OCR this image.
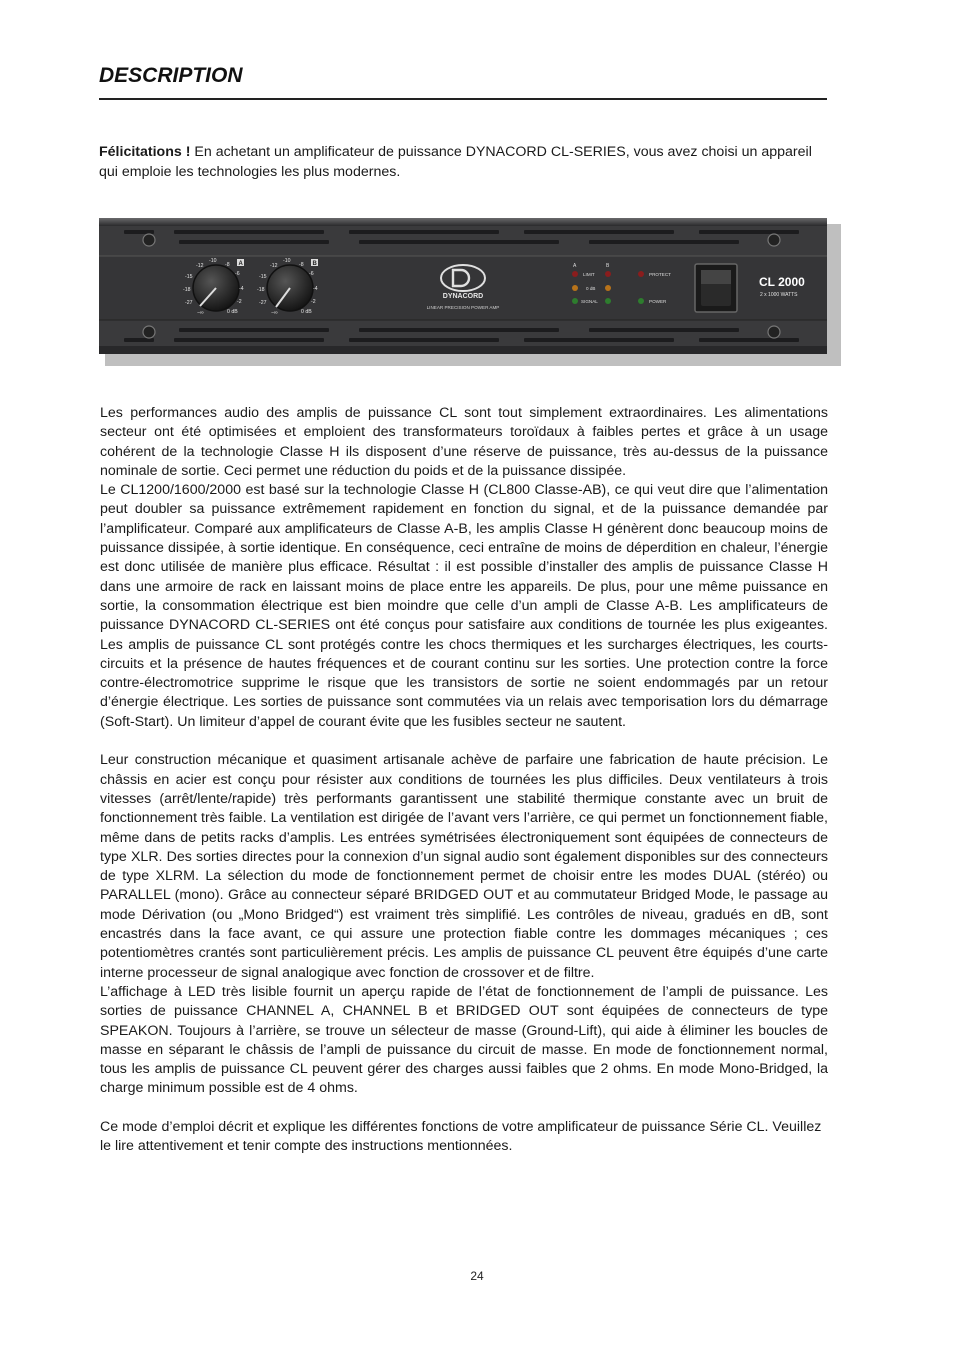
DESCRIPTION

Félicitations ! En achetant un amplificateur de puissance DYNACORD CL-SERIES, vous avez choisi un appareil qui emploie les technologies les plus modernes.

-12
-10
-8
-6
-4
-2
-15
-18
-27
0 dB
−∞
A	-12
-10
-8
-6
-4
-2
-15
-18
-27
0 dB
−∞
B
DYNACORD
LINEAR PRECISION POWER AMP
A	B
LIMIT
0 dB
SIGNAL
PROTECT
POWER
CL 2000
2 x 1000 WATTS

Les performances audio des amplis de puissance CL sont tout simplement extraordinaires. Les alimentations secteur ont été optimisées et emploient des transformateurs toroïdaux à faibles pertes et grâce à un usage cohérent de la technologie Classe H ils disposent d’une réserve de puissance, très au-dessus de la puissance nominale de sortie. Ceci permet une réduction du poids et de la puissance dissipée.

Le CL1200/1600/2000 est basé sur la technologie Classe H (CL800 Classe-AB), ce qui veut dire que l’alimentation peut doubler sa puissance extrêmement rapidement en fonction du signal, et de la puissance demandée par l’amplificateur. Comparé aux amplificateurs de Classe A-B, les amplis Classe H génèrent donc beaucoup moins de puissance dissipée, à sortie identique. En conséquence, ceci entraîne de moins de déperdition en chaleur, l’énergie est donc utilisée de manière plus efficace. Résultat : il est possible d’installer des amplis de puissance Classe H dans une armoire de rack en laissant moins de place entre les appareils. De plus, pour une même puissance en sortie, la consommation électrique est bien moindre que celle d’un ampli de Classe A-B. Les amplificateurs de puissance DYNACORD CL-SERIES ont été conçus pour satisfaire aux conditions de tournée les plus exigeantes. Les amplis de puissance CL sont protégés contre les chocs thermiques et les surcharges électriques, les courts-circuits et la présence de hautes fréquences et de courant continu sur les sorties. Une protection contre la force contre-électromotrice supprime le risque que les transistors de sortie ne soient endommagés par un retour d’énergie électrique. Les sorties de puissance sont commutées via un relais avec temporisation lors du démarrage (Soft-Start). Un limiteur d’appel de courant évite que les fusibles secteur ne sautent.

Leur construction mécanique et quasiment artisanale achève de parfaire une fabrication de haute précision. Le châssis en acier est conçu pour résister aux conditions de tournées les plus difficiles. Deux ventilateurs à trois vitesses (arrêt/lente/rapide) très performants garantissent une stabilité thermique constante avec un bruit de fonctionnement très faible. La ventilation est dirigée de l’avant vers l’arrière, ce qui permet un fonctionnement fiable, même dans de petits racks d’amplis. Les entrées symétrisées électroniquement sont équipées de connecteurs de type XLR. Des sorties directes pour la connexion d’un signal audio sont également disponibles sur des connecteurs de type XLRM. La sélection du mode de fonctionnement permet de choisir entre les modes DUAL (stéréo) ou PARALLEL (mono). Grâce au connecteur séparé BRIDGED OUT et au commutateur Bridged Mode, le passage au mode Dérivation (ou „Mono Bridged“) est vraiment très simplifié. Les contrôles de niveau, gradués en dB, sont encastrés dans la face avant, ce qui assure une protection fiable contre les dommages mécaniques ; ces potentiomètres crantés sont particulièrement précis. Les amplis de puissance CL peuvent être équipés d’une carte interne processeur de signal analogique avec fonction de crossover et de filtre.

L’affichage à LED très lisible fournit un aperçu rapide de l’état de fonctionnement de l’ampli de puissance. Les sorties de puissance CHANNEL A, CHANNEL B et BRIDGED OUT sont équipées de connecteurs de type SPEAKON. Toujours à l’arrière, se trouve un sélecteur de masse (Ground-Lift), qui aide à éliminer les boucles de masse en séparant le châssis de l’ampli de puissance du circuit de masse. En mode de fonctionnement normal, tous les amplis de puissance CL peuvent gérer des charges aussi faibles que 2 ohms. En mode Mono-Bridged, la charge minimum possible est de 4 ohms.

Ce mode d’emploi décrit et explique les différentes fonctions de votre amplificateur de puissance Série CL. Veuillez le lire attentivement et tenir compte des instructions mentionnées.

24
